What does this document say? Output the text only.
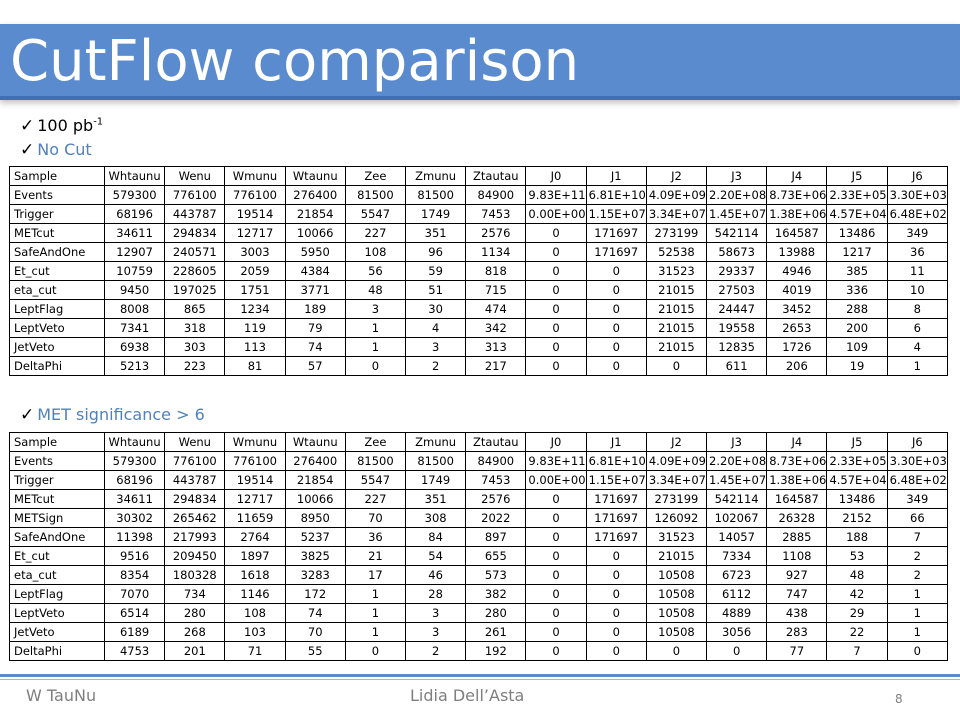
CutFlow comparison
✓ 100 $pb^{-1}$
✓ No Cut
✓ MET significance > 6
Sample	Whtaunu	Wenu	Wmunu	Wtaunu	Zee	Zmunu	Ztautau	J0	J1	J2	J3	J4	J5	J6
Events	579300	776100	776100	276400	81500	81500	84900	9.83E+11	6.81E+10	4.09E+09	2.20E+08	8.73E+06	2.33E+05	3.30E+03
Trigger	68196	443787	19514	21854	5547	1749	7453	0.00E+00	1.15E+07	3.34E+07	1.45E+07	1.38E+06	4.57E+04	6.48E+02
METcut	34611	294834	12717	10066	227	351	2576	0	171697	273199	542114	164587	13486	349
SafeAndOne	12907	240571	3003	5950	108	96	1134	0	171697	52538	58673	13988	1217	36
Et_cut	10759	228605	2059	4384	56	59	818	0	0	31523	29337	4946	385	11
eta_cut	9450	197025	1751	3771	48	51	715	0	0	21015	27503	4019	336	10
LeptFlag	8008	865	1234	189	3	30	474	0	0	21015	24447	3452	288	8
LeptVeto	7341	318	119	79	1	4	342	0	0	21015	19558	2653	200	6
JetVeto	6938	303	113	74	1	3	313	0	0	21015	12835	1726	109	4
DeltaPhi	5213	223	81	57	0	2	217	0	0	0	611	206	19	1
Sample	Whtaunu	Wenu	Wmunu	Wtaunu	Zee	Zmunu	Ztautau	J0	J1	J2	J3	J4	J5	J6
Events	579300	776100	776100	276400	81500	81500	84900	9.83E+11	6.81E+10	4.09E+09	2.20E+08	8.73E+06	2.33E+05	3.30E+03
Trigger	68196	443787	19514	21854	5547	1749	7453	0.00E+00	1.15E+07	3.34E+07	1.45E+07	1.38E+06	4.57E+04	6.48E+02
METcut	34611	294834	12717	10066	227	351	2576	0	171697	273199	542114	164587	13486	349
METSign	30302	265462	11659	8950	70	308	2022	0	171697	126092	102067	26328	2152	66
SafeAndOne	11398	217993	2764	5237	36	84	897	0	171697	31523	14057	2885	188	7
Et_cut	9516	209450	1897	3825	21	54	655	0	0	21015	7334	1108	53	2
eta_cut	8354	180328	1618	3283	17	46	573	0	0	10508	6723	927	48	2
LeptFlag	7070	734	1146	172	1	28	382	0	0	10508	6112	747	42	1
LeptVeto	6514	280	108	74	1	3	280	0	0	10508	4889	438	29	1
JetVeto	6189	268	103	70	1	3	261	0	0	10508	3056	283	22	1
DeltaPhi	4753	201	71	55	0	2	192	0	0	0	0	77	7	0
W TauNu	Lidia Dell’Asta	8
